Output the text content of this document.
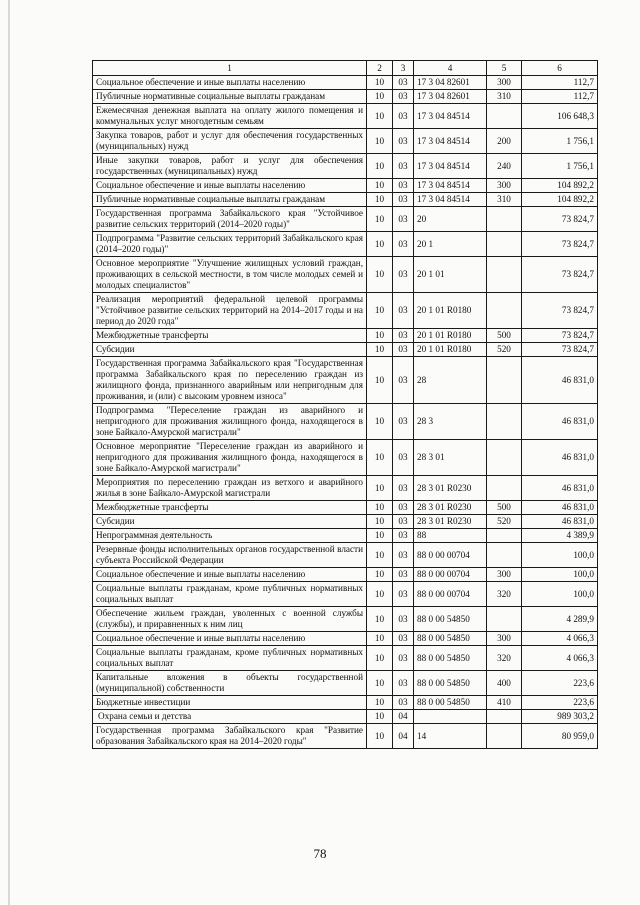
1	2	3	4	5	6
Социальное обеспечение и иные выплаты населению	10	03	17 3 04 82601	300	112,7
Публичные нормативные социальные выплаты гражданам	10	03	17 3 04 82601	310	112,7
Ежемесячная денежная выплата на оплату жилого помещения и коммунальных услуг многодетным семьям	10	03	17 3 04 84514		106 648,3
Закупка товаров, работ и услуг для обеспечения государственных (муниципальных) нужд	10	03	17 3 04 84514	200	1 756,1
Иные закупки товаров, работ и услуг для обеспечения государственных (муниципальных) нужд	10	03	17 3 04 84514	240	1 756,1
Социальное обеспечение и иные выплаты населению	10	03	17 3 04 84514	300	104 892,2
Публичные нормативные социальные выплаты гражданам	10	03	17 3 04 84514	310	104 892,2
Государственная программа Забайкальского края "Устойчивое развитие сельских территорий (2014–2020 годы)"	10	03	20		73 824,7
Подпрограмма "Развитие сельских территорий Забайкальского края (2014–2020 годы)"	10	03	20 1		73 824,7
Основное мероприятие "Улучшение жилищных условий граждан, проживающих в сельской местности, в том числе молодых семей и молодых специалистов"	10	03	20 1 01		73 824,7
Реализация мероприятий федеральной целевой программы "Устойчивое развитие сельских территорий на 2014–2017 годы и на период до 2020 года"	10	03	20 1 01 R0180		73 824,7
Межбюджетные трансферты	10	03	20 1 01 R0180	500	73 824,7
Субсидии	10	03	20 1 01 R0180	520	73 824,7
Государственная программа Забайкальского края "Государственная программа Забайкальского края по переселению граждан из жилищного фонда, признанного аварийным или непригодным для проживания, и (или) с высоким уровнем износа"	10	03	28		46 831,0
Подпрограмма "Переселение граждан из аварийного и непригодного для проживания жилищного фонда, находящегося в зоне Байкало-Амурской магистрали"	10	03	28 3		46 831,0
Основное мероприятие "Переселение граждан из аварийного и непригодного для проживания жилищного фонда, находящегося в зоне Байкало-Амурской магистрали"	10	03	28 3 01		46 831,0
Мероприятия по переселению граждан из ветхого и аварийного жилья в зоне Байкало-Амурской магистрали	10	03	28 3 01 R0230		46 831,0
Межбюджетные трансферты	10	03	28 3 01 R0230	500	46 831,0
Субсидии	10	03	28 3 01 R0230	520	46 831,0
Непрограммная деятельность	10	03	88		4 389,9
Резервные фонды исполнительных органов государственной власти субъекта Российской Федерации	10	03	88 0 00 00704		100,0
Социальное обеспечение и иные выплаты населению	10	03	88 0 00 00704	300	100,0
Социальные выплаты гражданам, кроме публичных нормативных социальных выплат	10	03	88 0 00 00704	320	100,0
Обеспечение жильем граждан, уволенных с военной службы (службы), и приравненных к ним лиц	10	03	88 0 00 54850		4 289,9
Социальное обеспечение и иные выплаты населению	10	03	88 0 00 54850	300	4 066,3
Социальные выплаты гражданам, кроме публичных нормативных социальных выплат	10	03	88 0 00 54850	320	4 066,3
Капитальные вложения в объекты государственной (муниципальной) собственности	10	03	88 0 00 54850	400	223,6
Бюджетные инвестиции	10	03	88 0 00 54850	410	223,6
Охрана семьи и детства	10	04			989 303,2
Государственная программа Забайкальского края "Развитие образования Забайкальского края на 2014–2020 годы"	10	04	14		80 959,0
78
